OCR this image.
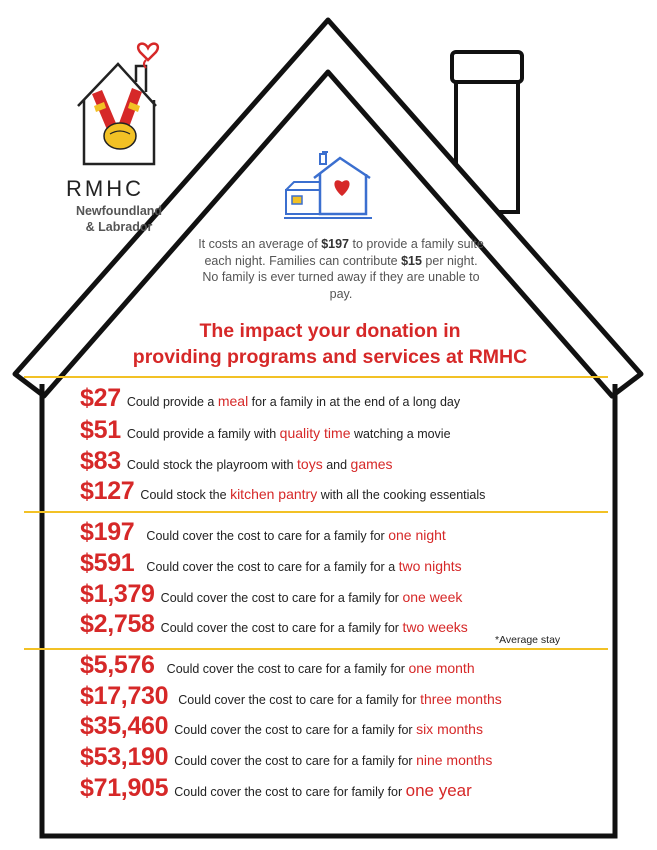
RMHC
Newfoundland
& Labrador
It costs an average of $197 to provide a family suite each night. Families can contribute $15 per night. No family is ever turned away if they are unable to pay.
The impact your donation in
providing programs and services at RMHC
$27 Could provide a meal for a family in at the end of a long day
$51 Could provide a family with quality time watching a movie
$83 Could stock the playroom with toys and games
$127 Could stock the kitchen pantry with all the cooking essentials
$197 Could cover the cost to care for a family for one night
$591 Could cover the cost to care for a family for a two nights
$1,379 Could cover the cost to care for a family for one week
$2,758 Could cover the cost to care for a family for two weeks
*Average stay
$5,576 Could cover the cost to care for a family for one month
$17,730 Could cover the cost to care for a family for three months
$35,460 Could cover the cost to care for a family for six months
$53,190 Could cover the cost to care for a family for nine months
$71,905 Could cover the cost to care for family for one year
